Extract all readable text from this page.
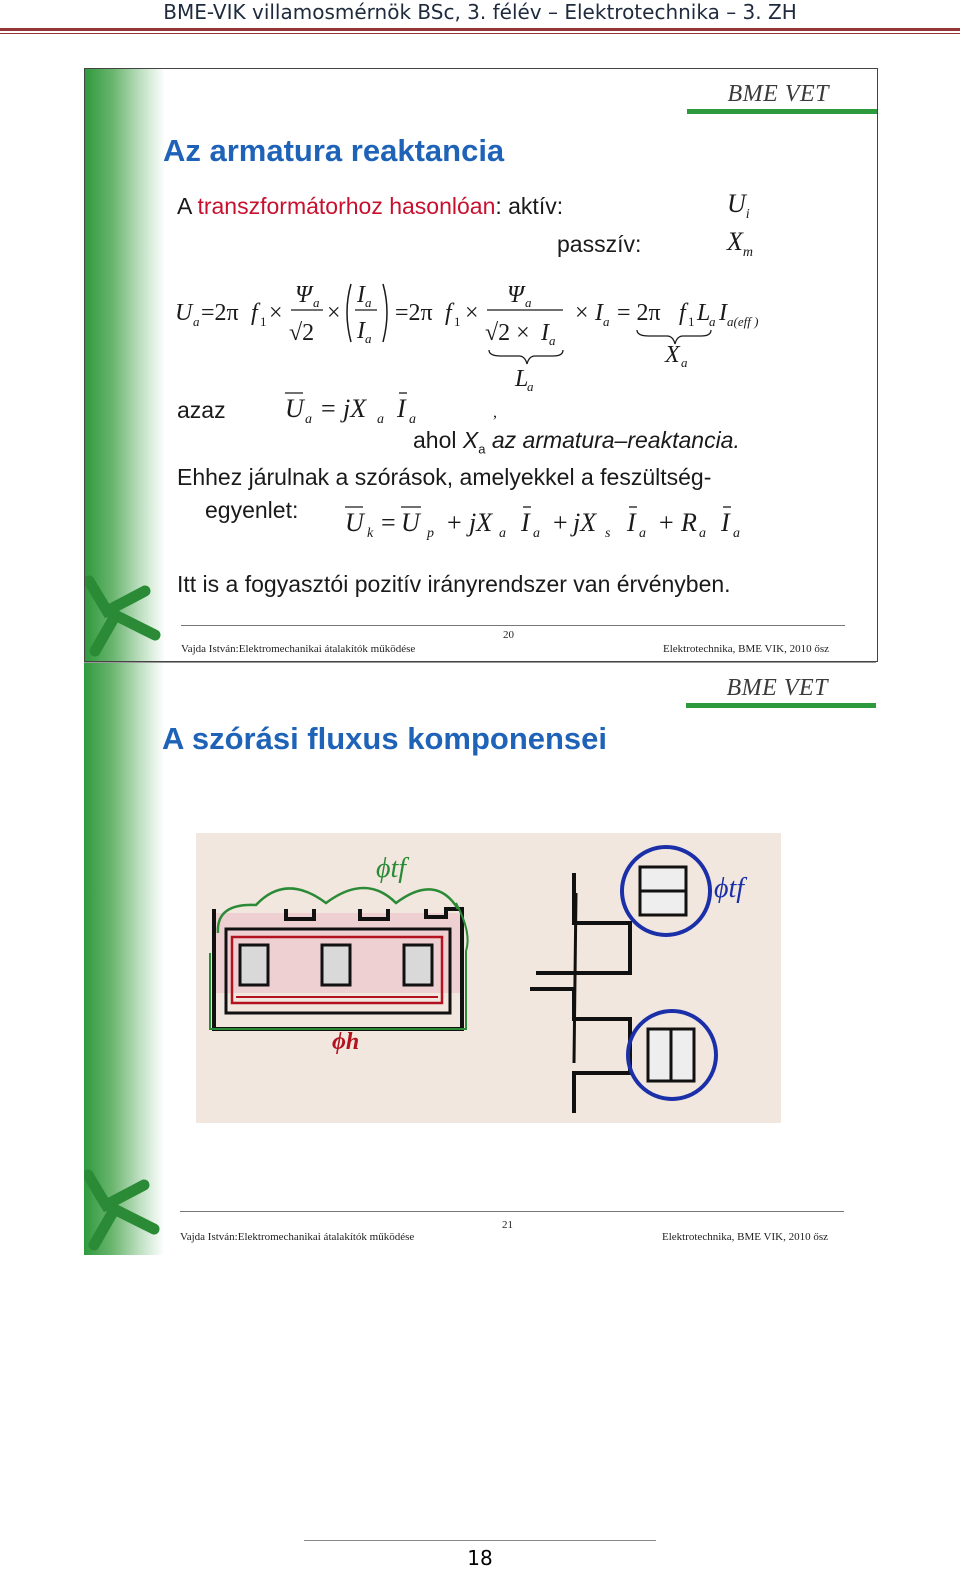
BME-VIK villamosmérnök BSc, 3. félév – Elektrotechnika – 3. ZH
BME VET
Az armatura reaktancia
A transzformátorhoz hasonlóan: aktív:	$U_i$
passzív:	$X_m$
U a =2π f 1 ×
Ψ a
√2
×
I a
I a
=2π f 1 ×
Ψ a
√2 × I a
L
a
× I a = 2π f 1 L
a I a(eff )
X a
azaz U a = jX a I a	,
ahol $X_a$ az armatura–reaktancia.
Ehhez járulnak a szórások, amelyekkel a feszültség-
egyenlet: U k = U p + jX a I a + jX s I a + R a I a
Itt is a fogyasztói pozitív irányrendszer van érvényben.
20
Vajda István:Elektromechanikai átalakítók működése	Elektrotechnika, BME VIK, 2010 ősz
BME VET
A szórási fluxus komponensei
ϕtf
ϕh
ϕtf
21
Vajda István:Elektromechanikai átalakítók működése	Elektrotechnika, BME VIK, 2010 ősz
18
